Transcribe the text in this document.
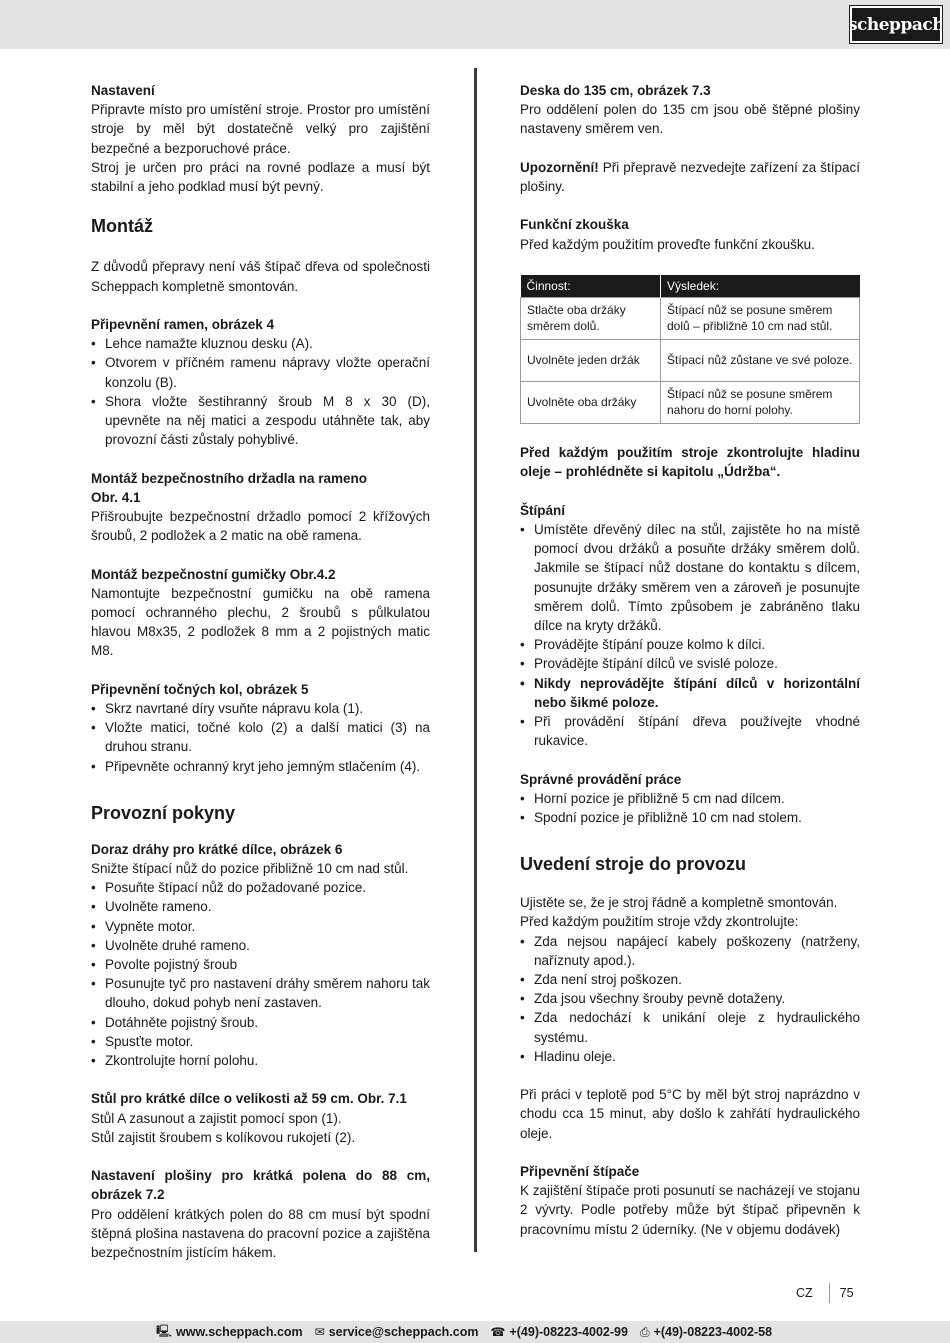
scheppach
Nastavení

Připravte místo pro umístění stroje. Prostor pro umístění stroje by měl být dostatečně velký pro zajištění bezpečné a bezporuchové práce.

Stroj je určen pro práci na rovné podlaze a musí být stabilní a jeho podklad musí být pevný.

Montáž

Z důvodů přepravy není váš štípač dřeva od společnosti Scheppach kompletně smontován.

Připevnění ramen, obrázek 4
• Lehce namažte kluznou desku (A).
• Otvorem v příčném ramenu nápravy vložte operační konzolu (B).
• Shora vložte šestihranný šroub M 8 x 30 (D), upevněte na něj matici a zespodu utáhněte tak, aby provozní části zůstaly pohyblivé.
Montáž bezpečnostního držadla na rameno
Obr. 4.1

Přišroubujte bezpečnostní držadlo pomocí 2 křížových šroubů, 2 podložek a 2 matic na obě ramena.

Montáž bezpečnostní gumičky Obr.4.2

Namontujte bezpečnostní gumičku na obě ramena pomocí ochranného plechu, 2 šroubů s půlkulatou hlavou M8x35, 2 podložek 8 mm a 2 pojistných matic M8.

Připevnění točných kol, obrázek 5
• Skrz navrtané díry vsuňte nápravu kola (1).
• Vložte matici, točné kolo (2) a další matici (3) na druhou stranu.
• Připevněte ochranný kryt jeho jemným stlačením (4).
Provozní pokyny
Doraz dráhy pro krátké dílce, obrázek 6

Snižte štípací nůž do pozice přibližně 10 cm nad stůl.

• Posuňte štípací nůž do požadované pozice.
• Uvolněte rameno.
• Vypněte motor.
• Uvolněte druhé rameno.
• Povolte pojistný šroub
• Posunujte tyč pro nastavení dráhy směrem nahoru tak dlouho, dokud pohyb není zastaven.
• Dotáhněte pojistný šroub.
• Spusťte motor.
• Zkontrolujte horní polohu.
Stůl pro krátké dílce o velikosti až 59 cm. Obr. 7.1

Stůl A zasunout a zajistit pomocí spon (1).

Stůl zajistit šroubem s kolíkovou rukojetí (2).

Nastavení plošiny pro krátká polena do 88 cm, obrázek 7.2

Pro oddělení krátkých polen do 88 cm musí být spodní štěpná plošina nastavena do pracovní pozice a zajištěna bezpečnostním jistícím hákem.

Deska do 135 cm, obrázek 7.3

Pro oddělení polen do 135 cm jsou obě štěpné plošiny nastaveny směrem ven.

Upozornění! Při přepravě nezvedejte zařízení za štípací plošiny.

Funkční zkouška

Před každým použitím proveďte funkční zkoušku.

Činnost:	Výsledek:
Stlačte oba držáky směrem dolů.	Štípací nůž se posune směrem dolů – přibližně 10 cm nad stůl.
Uvolněte jeden držák	Štípací nůž zůstane ve své poloze.
Uvolněte oba držáky	Štípací nůž se posune směrem nahoru do horní polohy.

Před každým použitím stroje zkontrolujte hladinu oleje – prohlédněte si kapitolu „Údržba“.

Štípání
• Umístěte dřevěný dílec na stůl, zajistěte ho na místě pomocí dvou držáků a posuňte držáky směrem dolů. Jakmile se štípací nůž dostane do kontaktu s dílcem, posunujte držáky směrem ven a zároveň je posunujte směrem dolů. Tímto způsobem je zabráněno tlaku dílce na kryty držáků.
• Provádějte štípání pouze kolmo k dílci.
• Provádějte štípání dílců ve svislé poloze.
• Nikdy neprovádějte štípání dílců v horizontální nebo šikmé poloze.
• Při provádění štípání dřeva používejte vhodné rukavice.
Správné provádění práce
• Horní pozice je přibližně 5 cm nad dílcem.
• Spodní pozice je přibližně 10 cm nad stolem.
Uvedení stroje do provozu

Ujistěte se, že je stroj řádně a kompletně smontován.

Před každým použitím stroje vždy zkontrolujte:

• Zda nejsou napájecí kabely poškozeny (natrženy, naříznuty apod.).
• Zda není stroj poškozen.
• Zda jsou všechny šrouby pevně dotaženy.
• Zda nedochází k unikání oleje z hydraulického systému.
• Hladinu oleje.

Při práci v teplotě pod 5°C by měl být stroj naprázdno v chodu cca 15 minut, aby došlo k zahřátí hydraulického oleje.

Připevnění štípače

K zajištění štípače proti posunutí se nacházejí ve stojanu 2 vývrty. Podle potřeby může být štípač připevněn k pracovnímu místu 2 úderníky. (Ne v objemu dodávek)

CZ 75
🖳 www.scheppach.com ✉ service@scheppach.com ☎ +(49)-08223-4002-99 ⎙ +(49)-08223-4002-58
